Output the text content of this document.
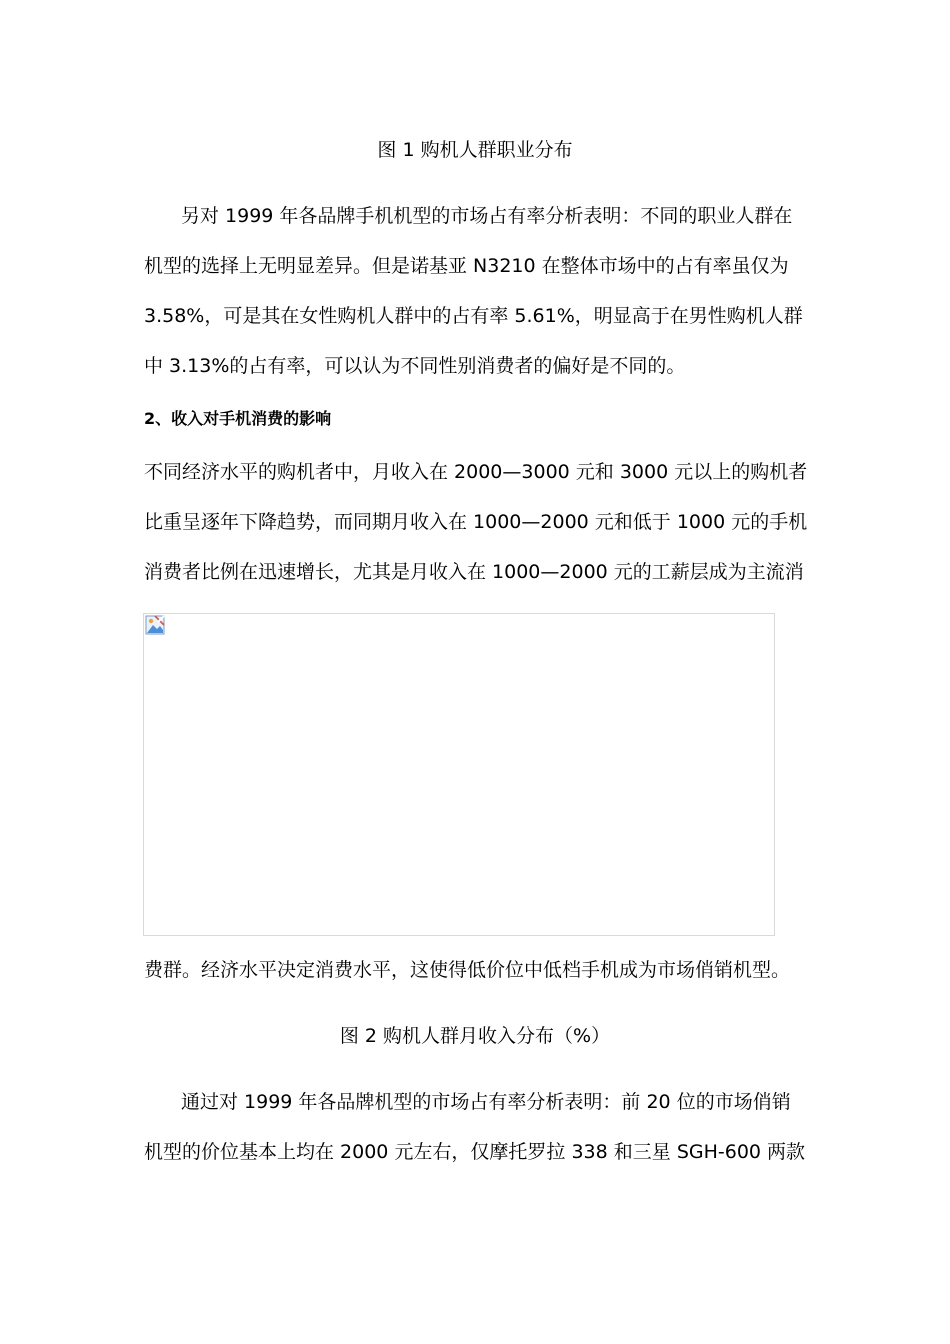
图 1 购机人群职业分布
另对 1999 年各品牌手机机型的市场占有率分析表明：不同的职业人群在
机型的选择上无明显差异。但是诺基亚 N3210 在整体市场中的占有率虽仅为
3.58%，可是其在女性购机人群中的占有率 5.61%，明显高于在男性购机人群
中 3.13%的占有率，可以认为不同性别消费者的偏好是不同的。
2、收入对手机消费的影响
不同经济水平的购机者中，月收入在 2000—3000 元和 3000 元以上的购机者
比重呈逐年下降趋势，而同期月收入在 1000—2000 元和低于 1000 元的手机
消费者比例在迅速增长，尤其是月收入在 1000—2000 元的工薪层成为主流消
费群。经济水平决定消费水平，这使得低价位中低档手机成为市场俏销机型。
图 2 购机人群月收入分布（%）
通过对 1999 年各品牌机型的市场占有率分析表明：前 20 位的市场俏销
机型的价位基本上均在 2000 元左右，仅摩托罗拉 338 和三星 SGH-600 两款
